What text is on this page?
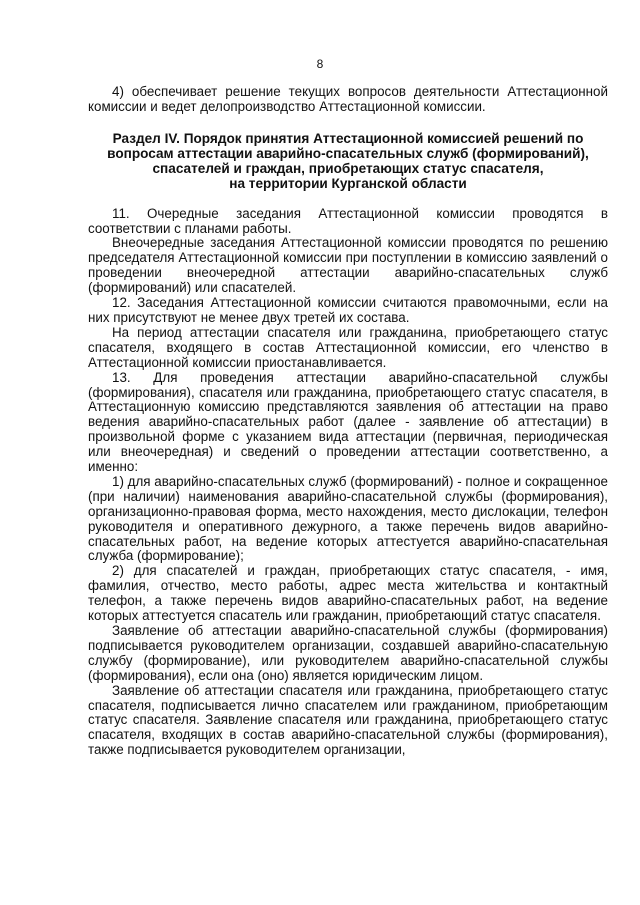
8

4) обеспечивает решение текущих вопросов деятельности Аттестационной комиссии и ведет делопроизводство Аттестационной комиссии.

Раздел IV. Порядок принятия Аттестационной комиссией решений по
вопросам аттестации аварийно-спасательных служб (формирований),
спасателей и граждан, приобретающих статус спасателя,
на территории Курганской области

11. Очередные заседания Аттестационной комиссии проводятся в соответствии с планами работы.

Внеочередные заседания Аттестационной комиссии проводятся по решению председателя Аттестационной комиссии при поступлении в комиссию заявлений о проведении внеочередной аттестации аварийно-спасательных служб (формирований) или спасателей.

12. Заседания Аттестационной комиссии считаются правомочными, если на них присутствуют не менее двух третей их состава.

На период аттестации спасателя или гражданина, приобретающего статус спасателя, входящего в состав Аттестационной комиссии, его членство в Аттестационной комиссии приостанавливается.

13. Для проведения аттестации аварийно-спасательной службы (формирования), спасателя или гражданина, приобретающего статус спасателя, в Аттестационную комиссию представляются заявления об аттестации на право ведения аварийно-спасательных работ (далее - заявление об аттестации) в произвольной форме с указанием вида аттестации (первичная, периодическая или внеочередная) и сведений о проведении аттестации соответственно, а именно:

1) для аварийно-спасательных служб (формирований) - полное и сокращенное (при наличии) наименования аварийно-спасательной службы (формирования), организационно-правовая форма, место нахождения, место дислокации, телефон руководителя и оперативного дежурного, а также перечень видов аварийно-спасательных работ, на ведение которых аттестуется аварийно-спасательная служба (формирование);

2) для спасателей и граждан, приобретающих статус спасателя, - имя, фамилия, отчество, место работы, адрес места жительства и контактный телефон, а также перечень видов аварийно-спасательных работ, на ведение которых аттестуется спасатель или гражданин, приобретающий статус спасателя.

Заявление об аттестации аварийно-спасательной службы (формирования) подписывается руководителем организации, создавшей аварийно-спасательную службу (формирование), или руководителем аварийно-спасательной службы (формирования), если она (оно) является юридическим лицом.

Заявление об аттестации спасателя или гражданина, приобретающего статус спасателя, подписывается лично спасателем или гражданином, приобретающим статус спасателя. Заявление спасателя или гражданина, приобретающего статус спасателя, входящих в состав аварийно-спасательной службы (формирования), также подписывается руководителем организации,
